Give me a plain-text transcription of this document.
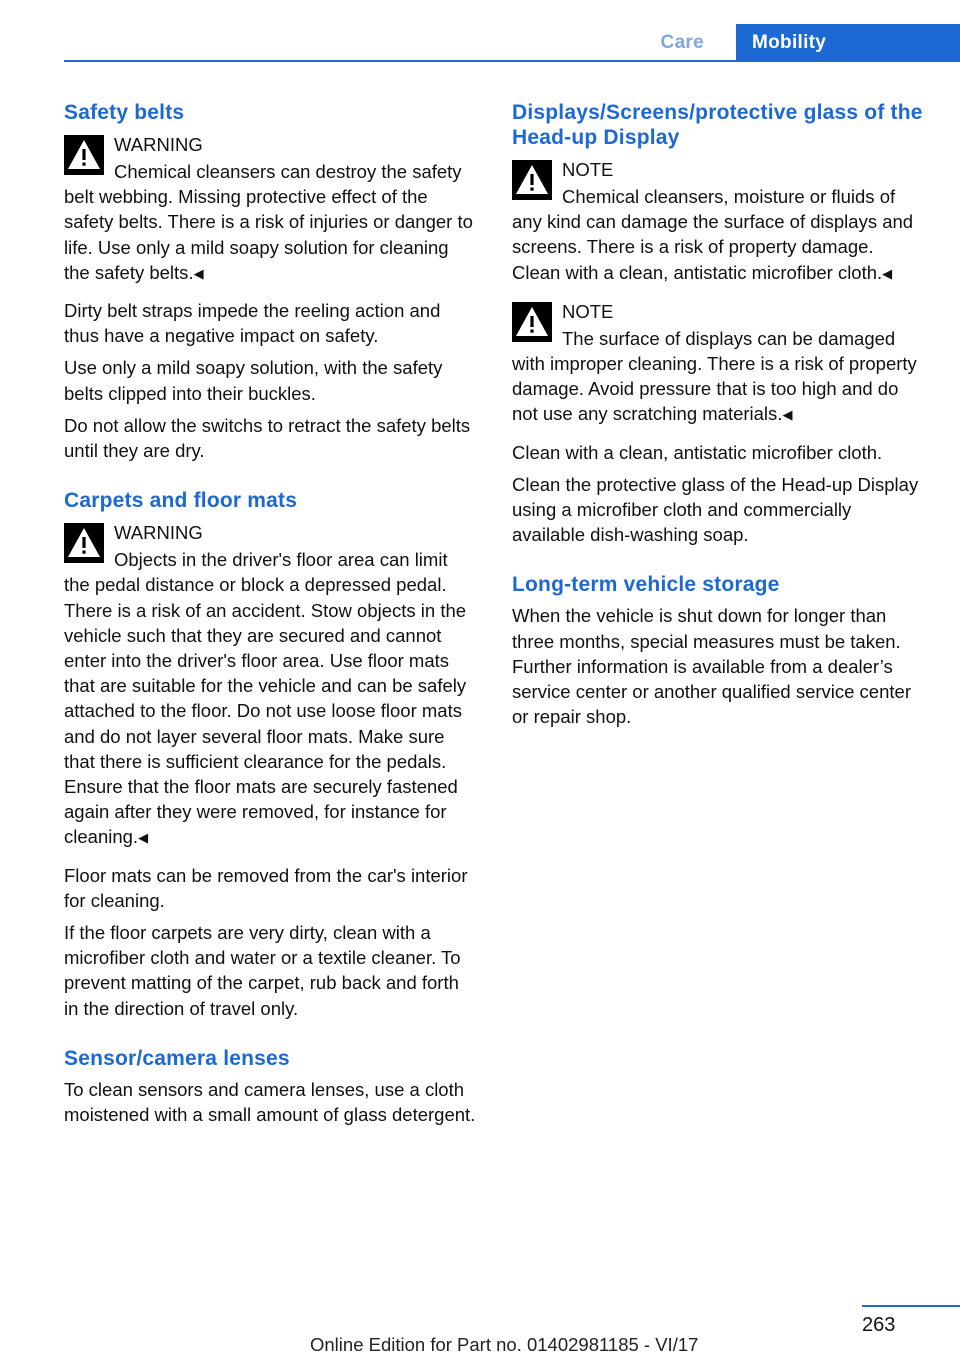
Care	Mobility
Safety belts
WARNING
Chemical cleansers can destroy the safety belt webbing. Missing protective effect of the safety belts. There is a risk of injuries or danger to life. Use only a mild soapy solution for cleaning the safety belts.◀

Dirty belt straps impede the reeling action and thus have a negative impact on safety.

Use only a mild soapy solution, with the safety belts clipped into their buckles.

Do not allow the switchs to retract the safety belts until they are dry.

Carpets and floor mats
WARNING
Objects in the driver's floor area can limit the pedal distance or block a depressed pedal. There is a risk of an accident. Stow objects in the vehicle such that they are secured and cannot enter into the driver's floor area. Use floor mats that are suitable for the vehicle and can be safely attached to the floor. Do not use loose floor mats and do not layer several floor mats. Make sure that there is sufficient clearance for the pedals. Ensure that the floor mats are securely fastened again after they were removed, for instance for cleaning.◀

Floor mats can be removed from the car's interior for cleaning.

If the floor carpets are very dirty, clean with a microfiber cloth and water or a textile cleaner. To prevent matting of the carpet, rub back and forth in the direction of travel only.

Sensor/camera lenses

To clean sensors and camera lenses, use a cloth moistened with a small amount of glass detergent.

Displays/Screens/protective glass of the Head-up Display
NOTE
Chemical cleansers, moisture or fluids of any kind can damage the surface of displays and screens. There is a risk of property damage. Clean with a clean, antistatic microfiber cloth.◀
NOTE
The surface of displays can be damaged with improper cleaning. There is a risk of property damage. Avoid pressure that is too high and do not use any scratching materials.◀

Clean with a clean, antistatic microfiber cloth.

Clean the protective glass of the Head-up Display using a microfiber cloth and commercially available dish-washing soap.

Long-term vehicle storage

When the vehicle is shut down for longer than three months, special measures must be taken. Further information is available from a dealer’s service center or another qualified service center or repair shop.

263
Online Edition for Part no. 01402981185 - VI/17
